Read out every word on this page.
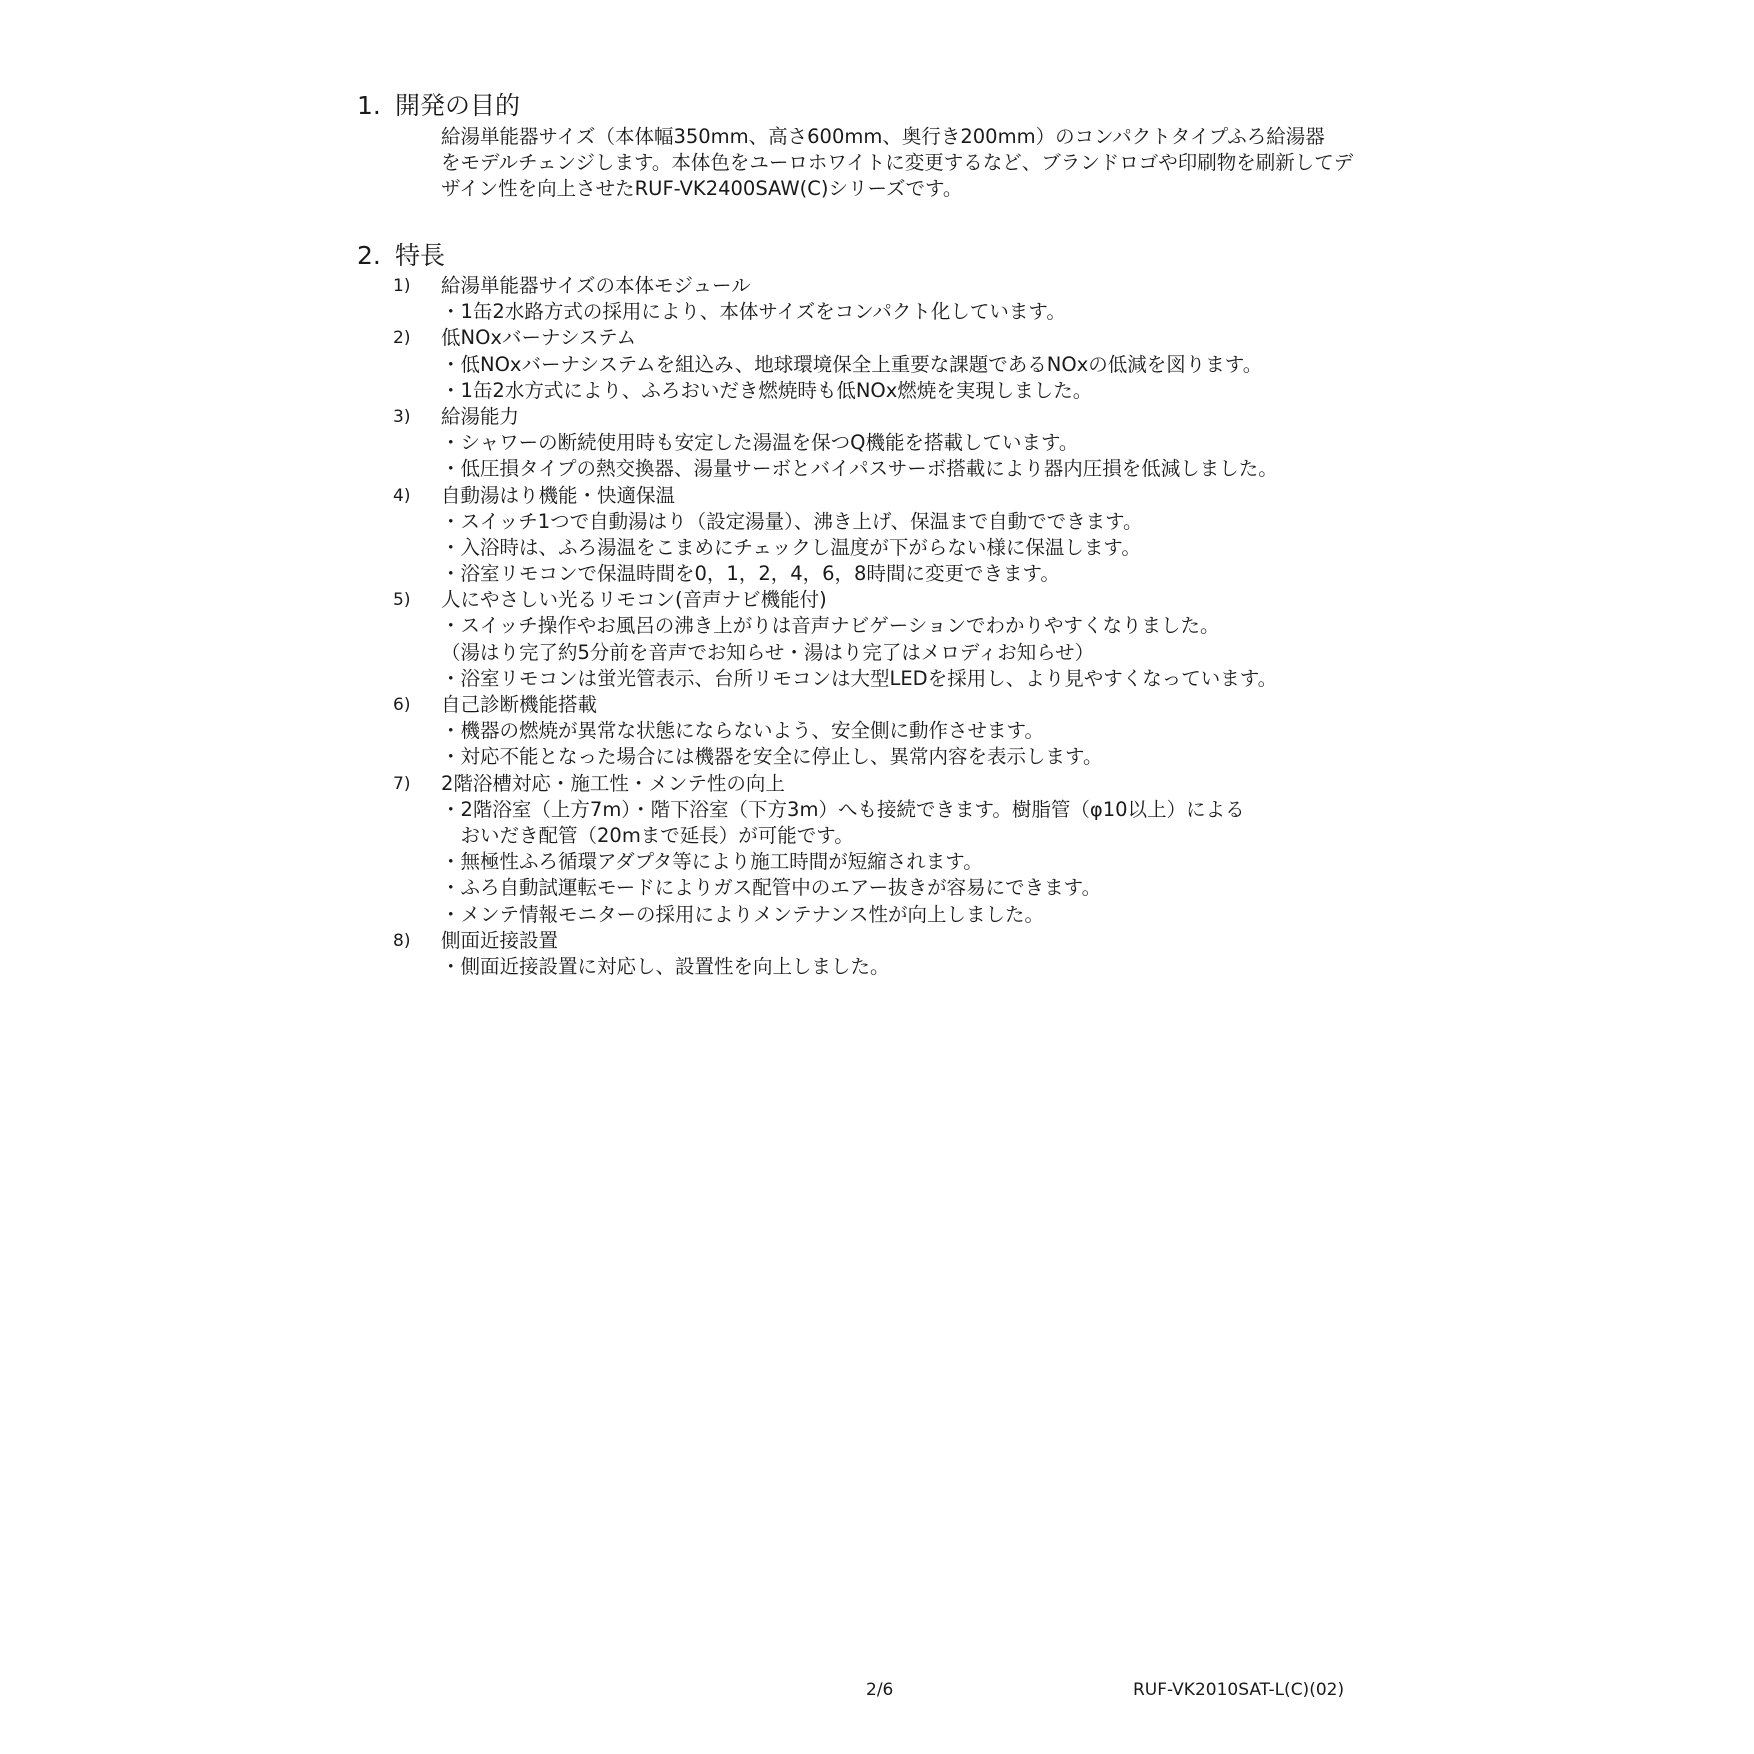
1. 開発の目的
給湯単能器サイズ（本体幅350mm、高さ600mm、奥行き200mm）のコンパクトタイプふろ給湯器
をモデルチェンジします。本体色をユーロホワイトに変更するなど、ブランドロゴや印刷物を刷新してデ
ザイン性を向上させたRUF-VK2400SAW(C)シリーズです。
2. 特長
1) 給湯単能器サイズの本体モジュール
・1缶2水路方式の採用により、本体サイズをコンパクト化しています。
2) 低NOxバーナシステム
・低NOxバーナシステムを組込み、地球環境保全上重要な課題であるNOxの低減を図ります。
・1缶2水方式により、ふろおいだき燃焼時も低NOx燃焼を実現しました。
3) 給湯能力
・シャワーの断続使用時も安定した湯温を保つQ機能を搭載しています。
・低圧損タイプの熱交換器、湯量サーボとバイパスサーボ搭載により器内圧損を低減しました。
4) 自動湯はり機能・快適保温
・スイッチ1つで自動湯はり（設定湯量）、沸き上げ、保温まで自動でできます。
・入浴時は、ふろ湯温をこまめにチェックし温度が下がらない様に保温します。
・浴室リモコンで保温時間を0，1，2，4，6，8時間に変更できます。
5) 人にやさしい光るリモコン(音声ナビ機能付)
・スイッチ操作やお風呂の沸き上がりは音声ナビゲーションでわかりやすくなりました。
（湯はり完了約5分前を音声でお知らせ・湯はり完了はメロディお知らせ）
・浴室リモコンは蛍光管表示、台所リモコンは大型LEDを採用し、より見やすくなっています。
6) 自己診断機能搭載
・機器の燃焼が異常な状態にならないよう、安全側に動作させます。
・対応不能となった場合には機器を安全に停止し、異常内容を表示します。
7) 2階浴槽対応・施工性・メンテ性の向上
・2階浴室（上方7m）・階下浴室（下方3m）へも接続できます。樹脂管（φ10以上）による
　おいだき配管（20mまで延長）が可能です。
・無極性ふろ循環アダプタ等により施工時間が短縮されます。
・ふろ自動試運転モードによりガス配管中のエアー抜きが容易にできます。
・メンテ情報モニターの採用によりメンテナンス性が向上しました。
8) 側面近接設置
・側面近接設置に対応し、設置性を向上しました。
2/6	RUF-VK2010SAT-L(C)(02)
